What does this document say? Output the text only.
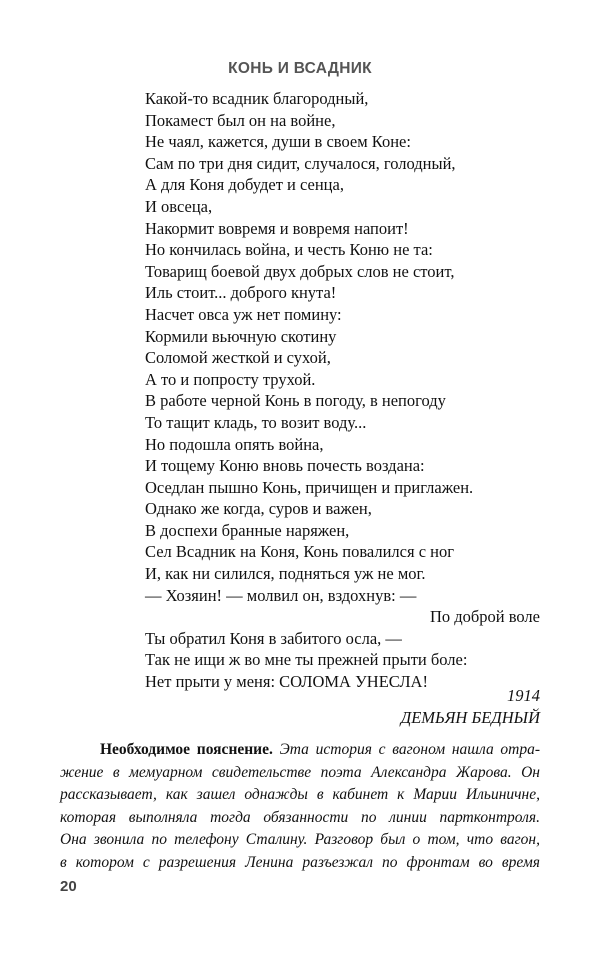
КОНЬ И ВСАДНИК
Какой-то всадник благородный,
Покамест был он на войне,
Не чаял, кажется, души в своем Коне:
Сам по три дня сидит, случалося, голодный,
А для Коня добудет и сенца,
И овсеца,
Накормит вовремя и вовремя напоит!
Но кончилась война, и честь Коню не та:
Товарищ боевой двух добрых слов не стоит,
Иль стоит... доброго кнута!
Насчет овса уж нет помину:
Кормили вьючную скотину
Соломой жесткой и сухой,
А то и попросту трухой.
В работе черной Конь в погоду, в непогоду
То тащит кладь, то возит воду...
Но подошла опять война,
И тощему Коню вновь почесть воздана:
Оседлан пышно Конь, причищен и приглажен.
Однако же когда, суров и важен,
В доспехи бранные наряжен,
Сел Всадник на Коня, Конь повалился с ног
И, как ни силился, подняться уж не мог.
— Хозяин! — молвил он, вздохнув: —
По доброй воле
Ты обратил Коня в забитого осла, —
Так не ищи ж во мне ты прежней прыти боле:
Нет прыти у меня: СОЛОМА УНЕСЛА!
1914
ДЕМЬЯН БЕДНЫЙ
Необходимое пояснение. Эта история с вагоном нашла отра-
жение в мемуарном свидетельстве поэта Александра Жарова. Он
рассказывает, как зашел однажды в кабинет к Марии Ильиничне,
которая выполняла тогда обязанности по линии партконтроля.
Она звонила по телефону Сталину. Разговор был о том, что вагон,
в котором с разрешения Ленина разъезжал по фронтам во время
20
